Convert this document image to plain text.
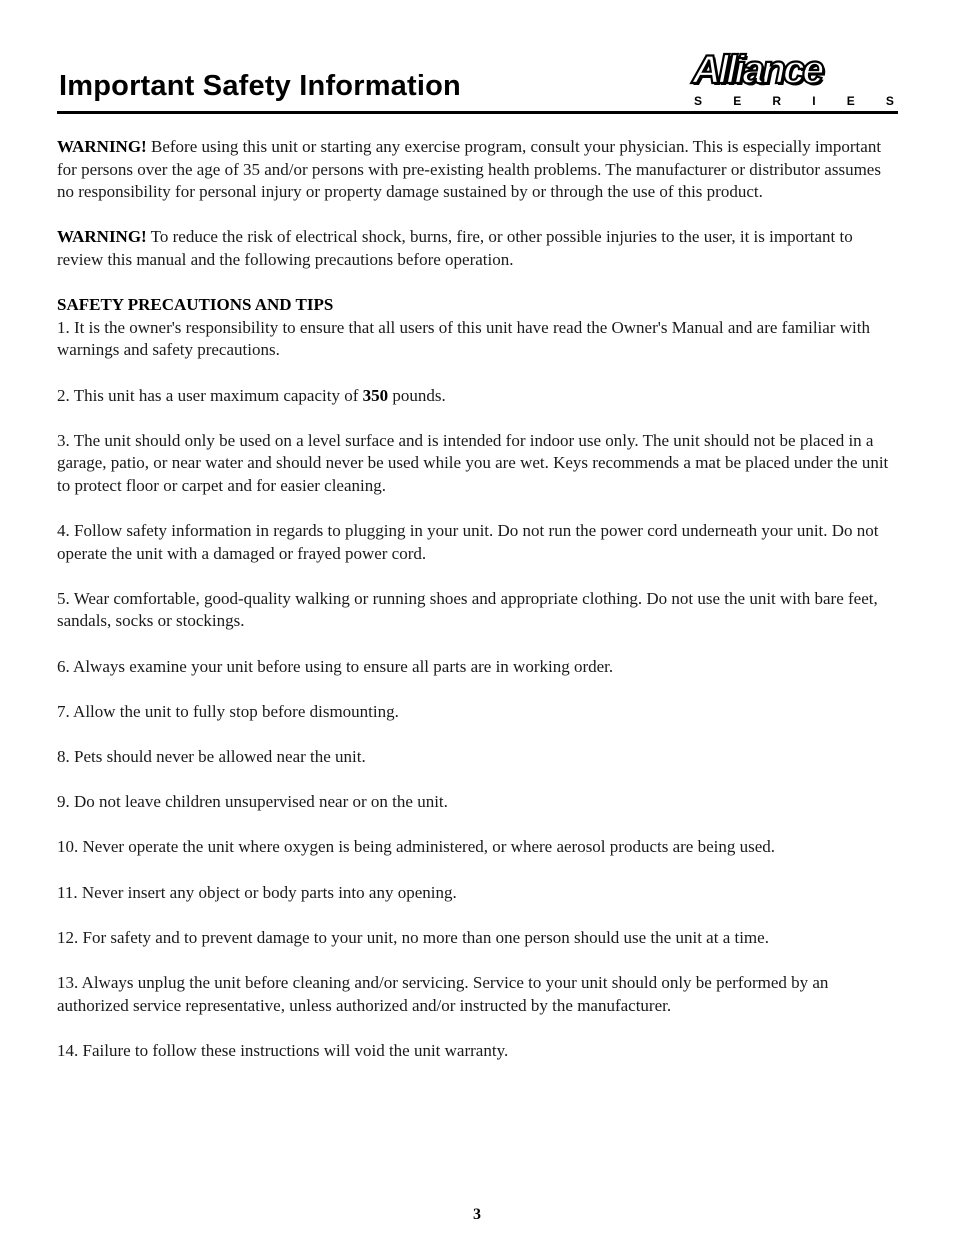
Important Safety Information	Alliance
S	E	R	I	E	S

WARNING! Before using this unit or starting any exercise program, consult your physician. This is especially important for persons over the age of 35 and/or persons with pre-existing health problems. The manufacturer or distributor assumes no responsibility for personal injury or property damage sustained by or through the use of this product.

WARNING! To reduce the risk of electrical shock, burns, fire, or other possible injuries to the user, it is important to review this manual and the following precautions before operation.

SAFETY PRECAUTIONS AND TIPS

1. It is the owner's responsibility to ensure that all users of this unit have read the Owner's Manual and are familiar with warnings and safety precautions.

2. This unit has a user maximum capacity of 350 pounds.

3. The unit should only be used on a level surface and is intended for indoor use only. The unit should not be placed in a garage, patio, or near water and should never be used while you are wet. Keys recommends a mat be placed under the unit to protect floor or carpet and for easier cleaning.

4. Follow safety information in regards to plugging in your unit. Do not run the power cord underneath your unit. Do not operate the unit with a damaged or frayed power cord.

5. Wear comfortable, good-quality walking or running shoes and appropriate clothing. Do not use the unit with bare feet, sandals, socks or stockings.

6. Always examine your unit before using to ensure all parts are in working order.

7. Allow the unit to fully stop before dismounting.

8. Pets should never be allowed near the unit.

9. Do not leave children unsupervised near or on the unit.

10. Never operate the unit where oxygen is being administered, or where aerosol products are being used.

11. Never insert any object or body parts into any opening.

12. For safety and to prevent damage to your unit, no more than one person should use the unit at a time.

13. Always unplug the unit before cleaning and/or servicing. Service to your unit should only be performed by an authorized service representative, unless authorized and/or instructed by the manufacturer.

14. Failure to follow these instructions will void the unit warranty.

3
